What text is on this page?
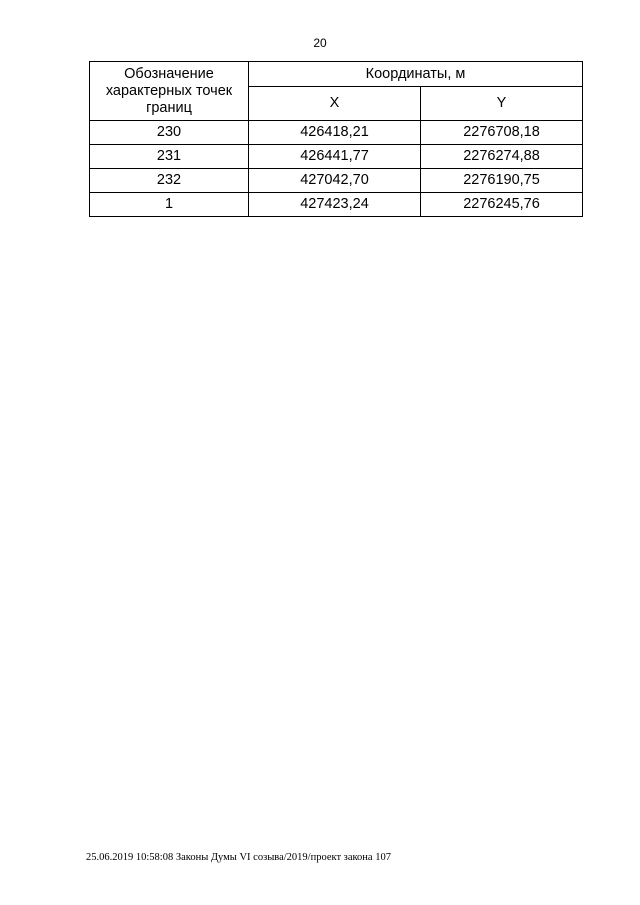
20
Обозначение характерных точек границ	Координаты, м	
	X	Y
230	426418,21	2276708,18
231	426441,77	2276274,88
232	427042,70	2276190,75
1	427423,24	2276245,76
25.06.2019 10:58:08 Законы Думы VI созыва/2019/проект закона 107
